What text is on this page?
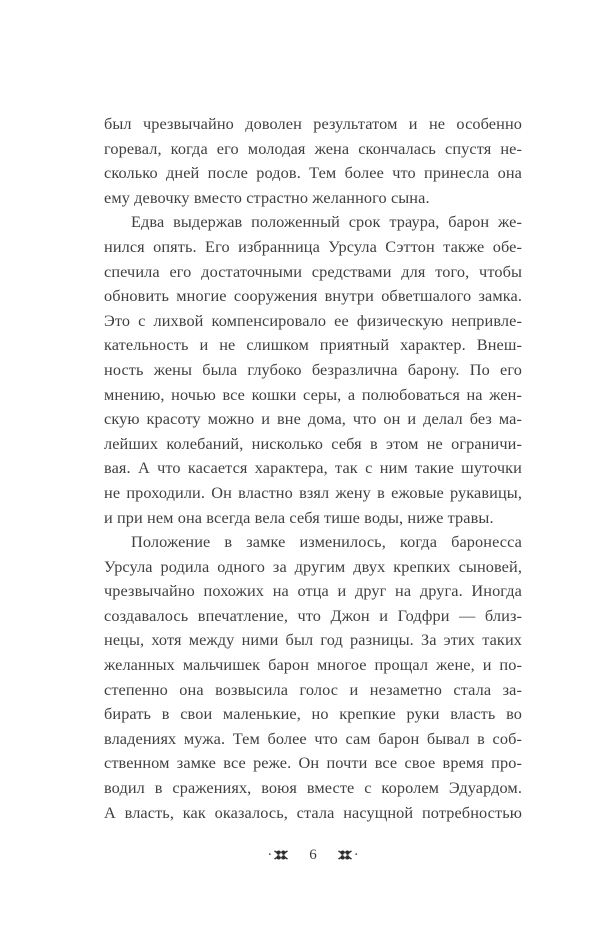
был чрезвычайно доволен результатом и не особенно
горевал, когда его молодая жена скончалась спустя не-
сколько дней после родов. Тем более что принесла она
ему девочку вместо страстно желанного сына.
Едва выдержав положенный срок траура, барон же-
нился опять. Его избранница Урсула Сэттон также обе-
спечила его достаточными средствами для того, чтобы
обновить многие сооружения внутри обветшалого замка.
Это с лихвой компенсировало ее физическую непривле-
кательность и не слишком приятный характер. Внеш-
ность жены была глубоко безразлична барону. По его
мнению, ночью все кошки серы, а полюбоваться на жен-
скую красоту можно и вне дома, что он и делал без ма-
лейших колебаний, нисколько себя в этом не ограничи-
вая. А что касается характера, так с ним такие шуточки
не проходили. Он властно взял жену в ежовые рукавицы,
и при нем она всегда вела себя тише воды, ниже травы.
Положение в замке изменилось, когда баронесса
Урсула родила одного за другим двух крепких сыновей,
чрезвычайно похожих на отца и друг на друга. Иногда
создавалось впечатление, что Джон и Годфри — близ-
нецы, хотя между ними был год разницы. За этих таких
желанных мальчишек барон многое прощал жене, и по-
степенно она возвысила голос и незаметно стала за-
бирать в свои маленькие, но крепкие руки власть во
владениях мужа. Тем более что сам барон бывал в соб-
ственном замке все реже. Он почти все свое время про-
водил в сражениях, воюя вместе с королем Эдуардом.
А власть, как оказалось, стала насущной потребностью
· 6 ·
